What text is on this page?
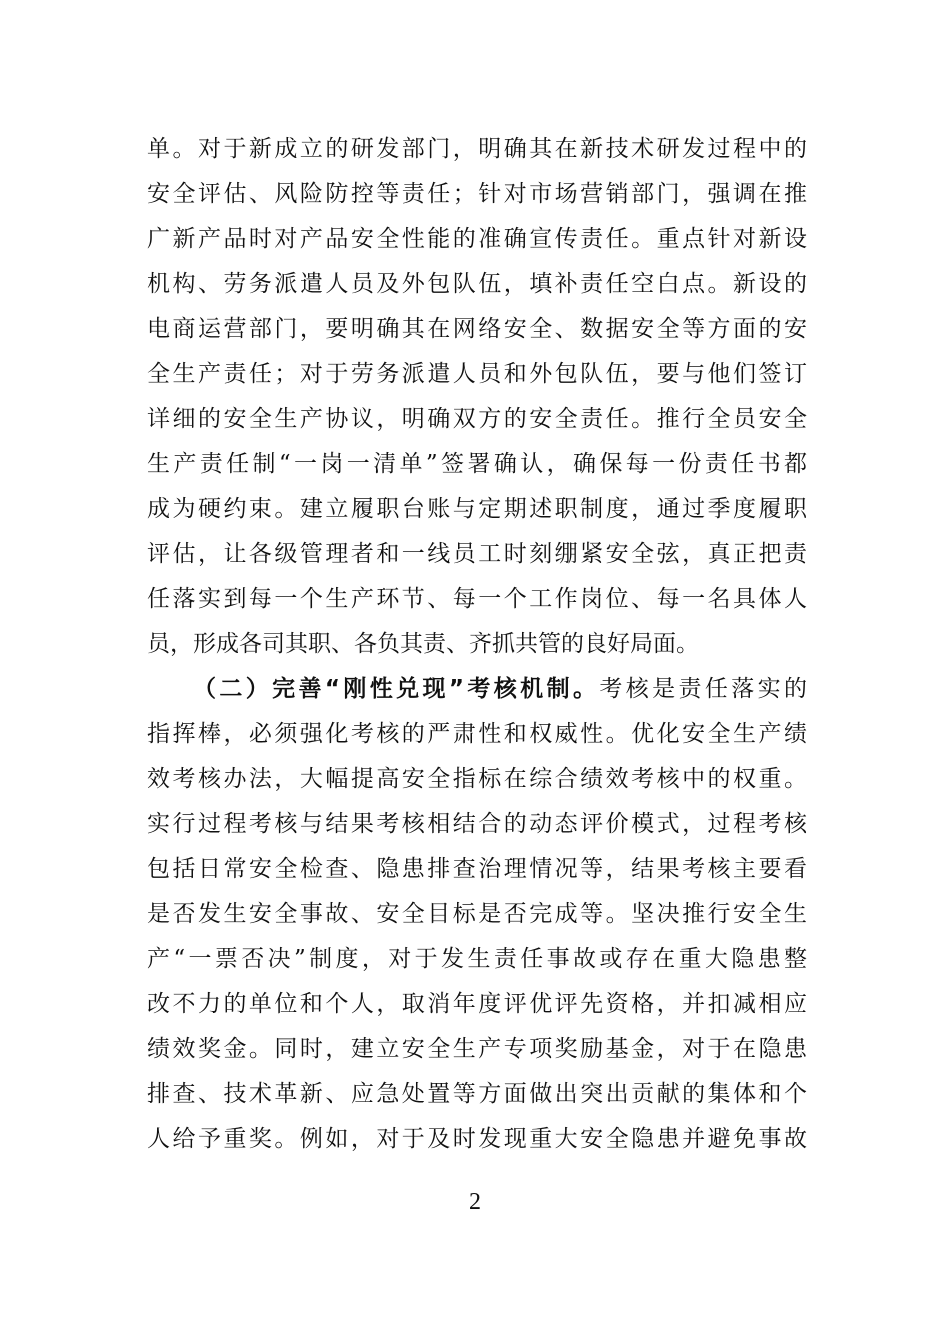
单。对于新成立的研发部门，明确其在新技术研发过程中的
安全评估、风险防控等责任；针对市场营销部门，强调在推
广新产品时对产品安全性能的准确宣传责任。重点针对新设
机构、劳务派遣人员及外包队伍，填补责任空白点。新设的
电商运营部门，要明确其在网络安全、数据安全等方面的安
全生产责任；对于劳务派遣人员和外包队伍，要与他们签订
详细的安全生产协议，明确双方的安全责任。推行全员安全
生产责任制“一岗一清单”签署确认，确保每一份责任书都
成为硬约束。建立履职台账与定期述职制度，通过季度履职
评估，让各级管理者和一线员工时刻绷紧安全弦，真正把责
任落实到每一个生产环节、每一个工作岗位、每一名具体人
员，形成各司其职、各负其责、齐抓共管的良好局面。
（二）完善“刚性兑现”考核机制。考核是责任落实的
指挥棒，必须强化考核的严肃性和权威性。优化安全生产绩
效考核办法，大幅提高安全指标在综合绩效考核中的权重。
实行过程考核与结果考核相结合的动态评价模式，过程考核
包括日常安全检查、隐患排查治理情况等，结果考核主要看
是否发生安全事故、安全目标是否完成等。坚决推行安全生
产“一票否决”制度，对于发生责任事故或存在重大隐患整
改不力的单位和个人，取消年度评优评先资格，并扣减相应
绩效奖金。同时，建立安全生产专项奖励基金，对于在隐患
排查、技术革新、应急处置等方面做出突出贡献的集体和个
人给予重奖。例如，对于及时发现重大安全隐患并避免事故
2
